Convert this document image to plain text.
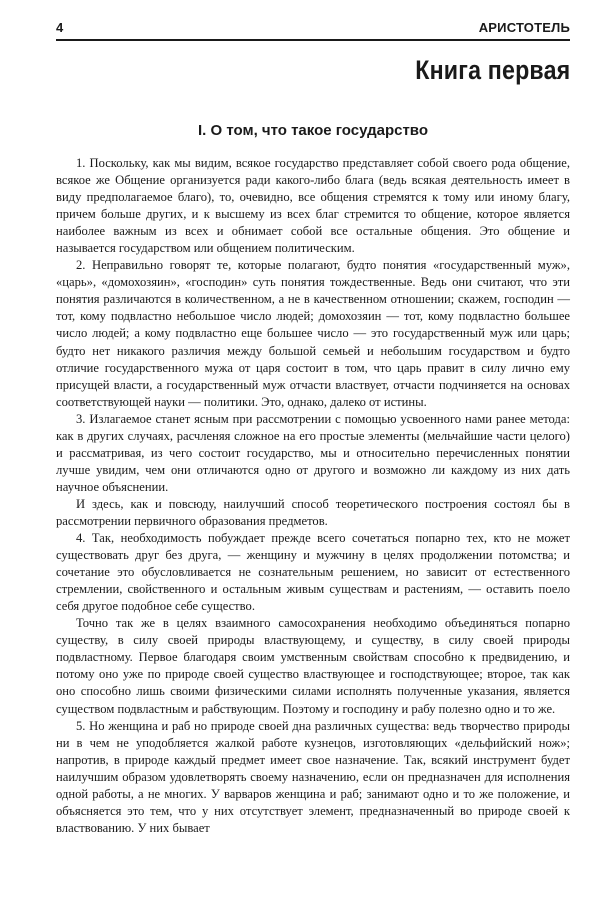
4	АРИСТОТЕЛЬ
Книга первая
I. О том, что такое государство

1. Поскольку, как мы видим, всякое государство представляет собой своего рода общение, всякое же Общение организуется ради какого-либо блага (ведь всякая деятельность имеет в виду предполагаемое благо), то, очевидно, все общения стремятся к тому или иному благу, причем больше других, и к высшему из всех благ стремится то общение, которое является наиболее важным из всех и обнимает собой все остальные общения. Это общение и называется государством или общением политическим.

2. Неправильно говорят те, которые полагают, будто понятия «государственный муж», «царь», «домохозяин», «господин» суть понятия тождественные. Ведь они считают, что эти понятия различаются в количественном, а не в качественном отношении; скажем, господин — тот, кому подвластно небольшое число людей; домохозяин — тот, кому подвластно большее число людей; а кому подвластно еще большее число — это государственный муж или царь; будто нет никакого различия между большой семьей и небольшим государством и будто отличие государственного мужа от царя состоит в том, что царь правит в силу лично ему присущей власти, а государственный муж отчасти властвует, отчасти подчиняется на основах соответствующей науки — политики. Это, однако, далеко от истины.

3. Излагаемое станет ясным при рассмотрении с помощью усвоенного нами ранее метода: как в других случаях, расчленяя сложное на его простые элементы (мельчайшие части целого) и рассматривая, из чего состоит государство, мы и относительно перечисленных понятии лучше увидим, чем они отличаются одно от другого и возможно ли каждому из них дать научное объяснении.

И здесь, как и повсюду, наилучший способ теоретического построения состоял бы в рассмотрении первичного образования предметов.

4. Так, необходимость побуждает прежде всего сочетаться попарно тех, кто не может существовать друг без друга, — женщину и мужчину в целях продолжении потомства; и сочетание это обусловливается не сознательным решением, но зависит от естественного стремлении, свойственного и остальным живым существам и растениям, — оставить поело себя другое подобное себе существо.

Точно так же в целях взаимного самосохранения необходимо объединяться попарно существу, в силу своей природы властвующему, и существу, в силу своей природы подвластному. Первое благодаря своим умственным свойствам способно к предвидению, и потому оно уже по природе своей существо властвующее и господствующее; второе, так как оно способно лишь своими физическими силами исполнять полученные указания, является существом подвластным и рабствующим. Поэтому и господину и рабу полезно одно и то же.

5. Но женщина и раб но природе своей дна различных существа: ведь творчество природы ни в чем не уподобляется жалкой работе кузнецов, изготовляющих «дельфийский нож»; напротив, в природе каждый предмет имеет свое назначение. Так, всякий инструмент будет наилучшим образом удовлетворять своему назначению, если он предназначен для исполнения одной работы, а не многих. У варваров женщина и раб; занимают одно и то же положение, и объясняется это тем, что у них отсутствует элемент, предназначенный во природе своей к властвованию. У них бывает
